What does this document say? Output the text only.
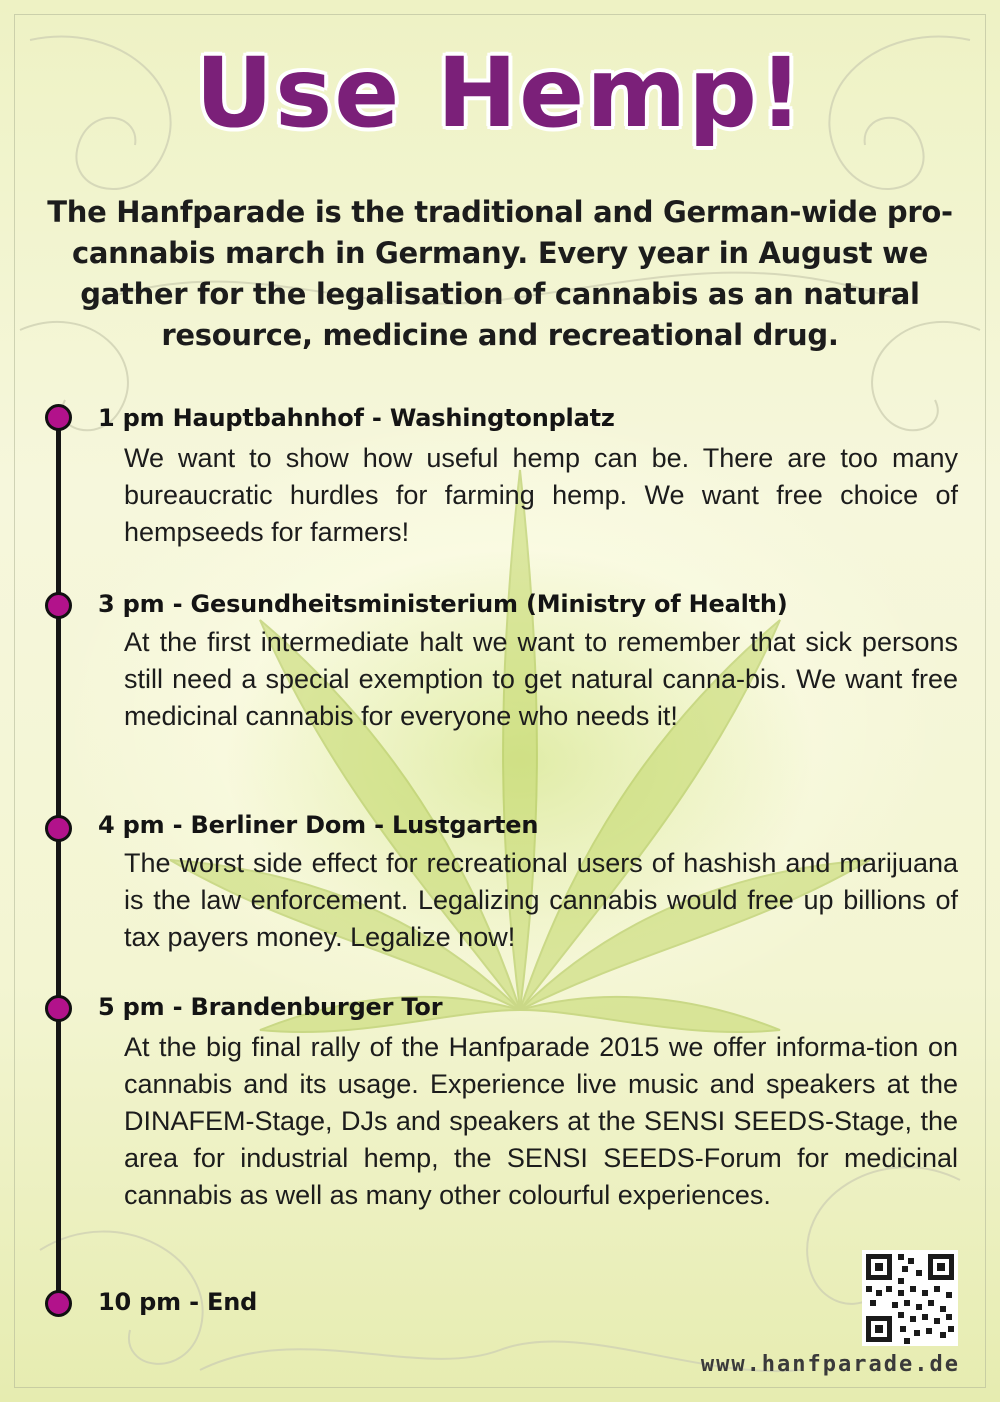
Use Hemp!

The Hanfparade is the traditional and German-wide pro-cannabis march in Germany. Every year in August we gather for the legalisation of cannabis as an natural resource, medicine and recreational drug.

1 pm Hauptbahnhof - Washingtonplatz

We want to show how useful hemp can be. There are too many bureaucratic hurdles for farming hemp. We want free choice of hempseeds for farmers!

3 pm - Gesundheitsministerium (Ministry of Health)

At the first intermediate halt we want to remember that sick persons still need a special exemption to get natural canna-bis. We want free medicinal cannabis for everyone who needs it!

4 pm - Berliner Dom - Lustgarten

The worst side effect for recreational users of hashish and marijuana is the law enforcement. Legalizing cannabis would free up billions of tax payers money. Legalize now!

5 pm - Brandenburger Tor

At the big final rally of the Hanfparade 2015 we offer informa-tion on cannabis and its usage. Experience live music and speakers at the DINAFEM-Stage, DJs and speakers at the SENSI SEEDS-Stage, the area for industrial hemp, the SENSI SEEDS-Forum for medicinal cannabis as well as many other colourful experiences.

10 pm - End

www.hanfparade.de
